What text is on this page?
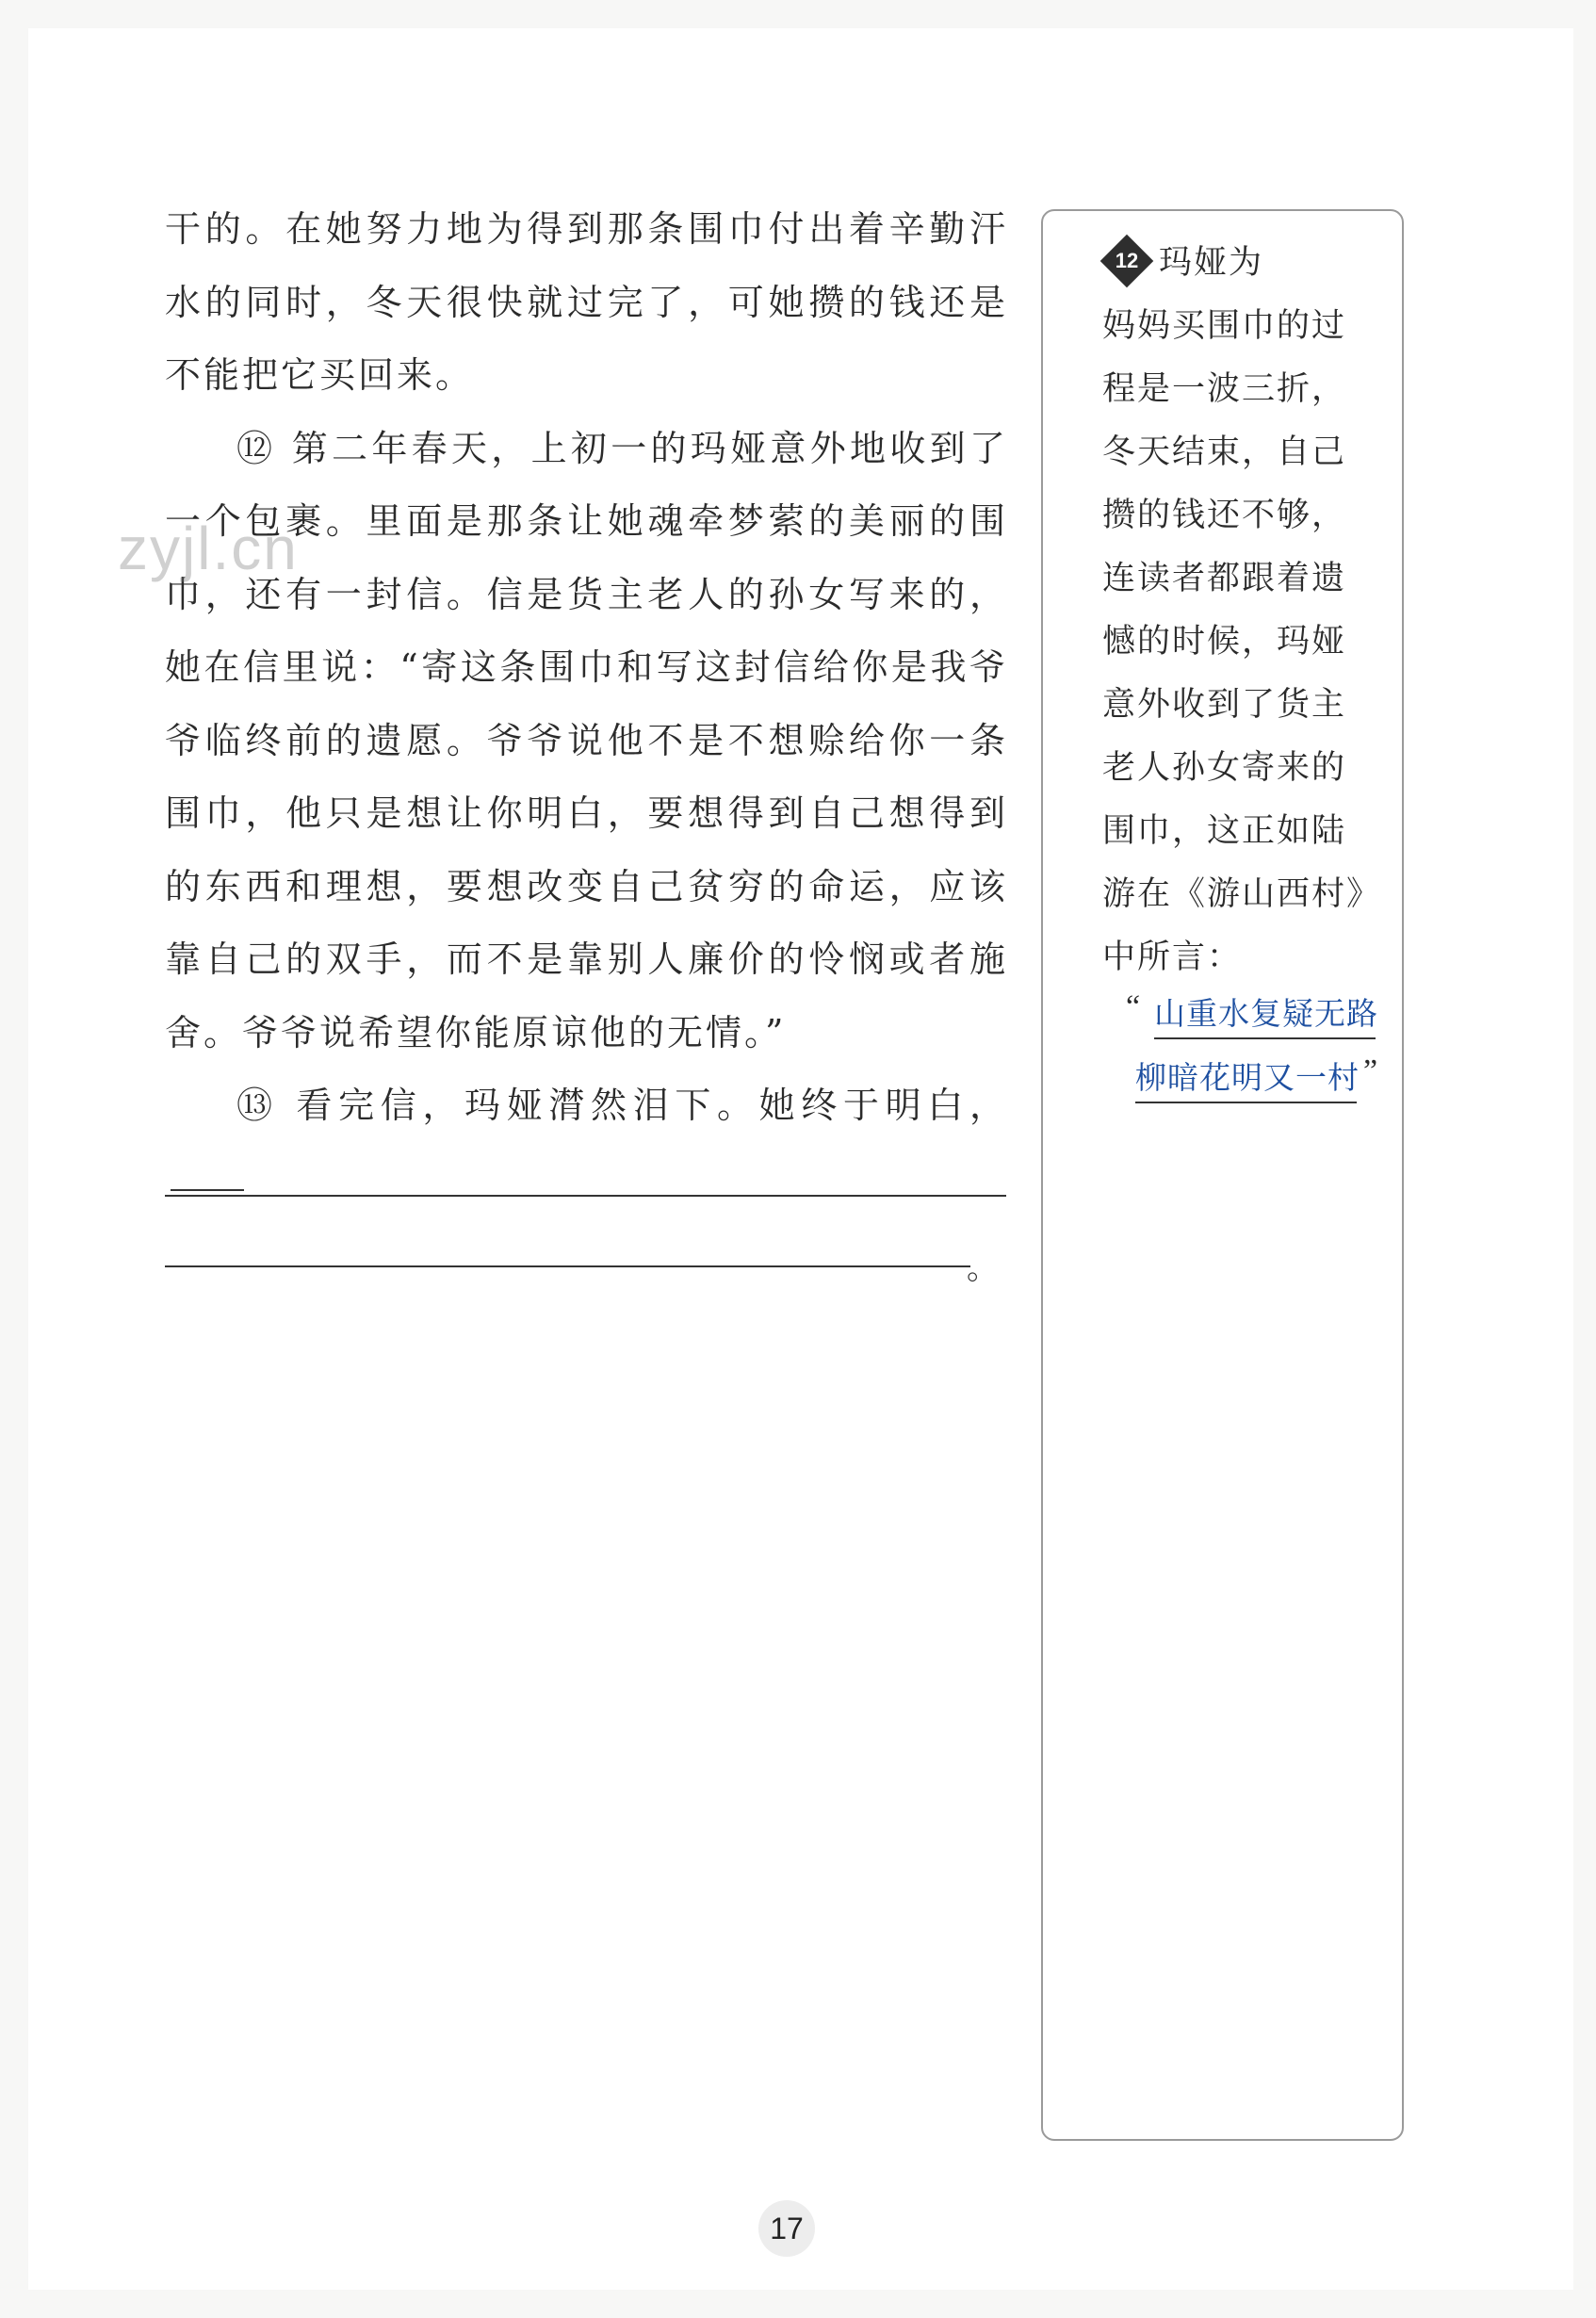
干的。在她努力地为得到那条围巾付出着辛勤汗水的同时，冬天很快就过完了，可她攒的钱还是不能把它买回来。

⑫ 第二年春天，上初一的玛娅意外地收到了一个包裹。里面是那条让她魂牵梦萦的美丽的围巾，还有一封信。信是货主老人的孙女写来的，她在信里说：“寄这条围巾和写这封信给你是我爷爷临终前的遗愿。爷爷说他不是不想赊给你一条围巾，他只是想让你明白，要想得到自己想得到的东西和理想，要想改变自己贫穷的命运，应该靠自己的双手，而不是靠别人廉价的怜悯或者施舍。爷爷说希望你能原谅他的无情。”

⑬ 看完信，玛娅潸然泪下。她终于明白，

。
12 玛娅为
妈妈买围巾的过
程是一波三折，
冬天结束，自己
攒的钱还不够，
连读者都跟着遗
憾的时候，玛娅
意外收到了货主
老人孙女寄来的
围巾，这正如陆
游在《游山西村》
中所言：
“ 山重水复疑无路
柳暗花明又一村 ”
zyjl.cn
17
